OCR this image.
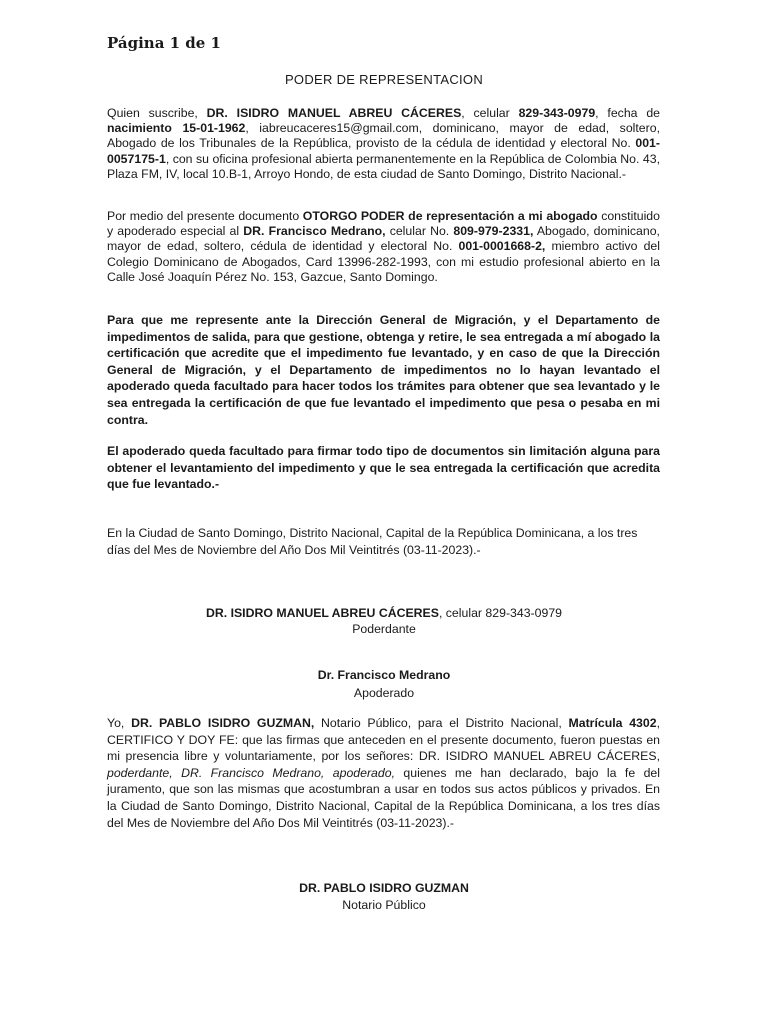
Página 1 de 1

PODER DE REPRESENTACION

Quien suscribe, DR. ISIDRO MANUEL ABREU CÁCERES, celular 829-343-0979, fecha de nacimiento 15-01-1962, iabreucaceres15@gmail.com, dominicano, mayor de edad, soltero, Abogado de los Tribunales de la República, provisto de la cédula de identidad y electoral No. 001-0057175-1, con su oficina profesional abierta permanentemente en la República de Colombia No. 43, Plaza FM, IV, local 10.B-1, Arroyo Hondo, de esta ciudad de Santo Domingo, Distrito Nacional.-

Por medio del presente documento OTORGO PODER de representación a mi abogado constituido y apoderado especial al DR. Francisco Medrano, celular No. 809-979-2331, Abogado, dominicano, mayor de edad, soltero, cédula de identidad y electoral No. 001-0001668-2, miembro activo del Colegio Dominicano de Abogados, Card 13996-282-1993, con mi estudio profesional abierto en la Calle José Joaquín Pérez No. 153, Gazcue, Santo Domingo.

Para que me represente ante la Dirección General de Migración, y el Departamento de impedimentos de salida, para que gestione, obtenga y retire, le sea entregada a mí abogado la certificación que acredite que el impedimento fue levantado, y en caso de que la Dirección General de Migración, y el Departamento de impedimentos no lo hayan levantado el apoderado queda facultado para hacer todos los trámites para obtener que sea levantado y le sea entregada la certificación de que fue levantado el impedimento que pesa o pesaba en mi contra.

El apoderado queda facultado para firmar todo tipo de documentos sin limitación alguna para obtener el levantamiento del impedimento y que le sea entregada la certificación que acredita que fue levantado.-

En la Ciudad de Santo Domingo, Distrito Nacional, Capital de la República Dominicana, a los tres días del Mes de Noviembre del Año Dos Mil Veintitrés (03-11-2023).-

DR. ISIDRO MANUEL ABREU CÁCERES, celular 829-343-0979
Poderdante
Dr. Francisco Medrano
Apoderado

Yo, DR. PABLO ISIDRO GUZMAN, Notario Público, para el Distrito Nacional, Matrícula 4302, CERTIFICO Y DOY FE: que las firmas que anteceden en el presente documento, fueron puestas en mi presencia libre y voluntariamente, por los señores: DR. ISIDRO MANUEL ABREU CÁCERES, poderdante, DR. Francisco Medrano, apoderado, quienes me han declarado, bajo la fe del juramento, que son las mismas que acostumbran a usar en todos sus actos públicos y privados. En la Ciudad de Santo Domingo, Distrito Nacional, Capital de la República Dominicana, a los tres días del Mes de Noviembre del Año Dos Mil Veintitrés (03-11-2023).-

DR. PABLO ISIDRO GUZMAN
Notario Público
